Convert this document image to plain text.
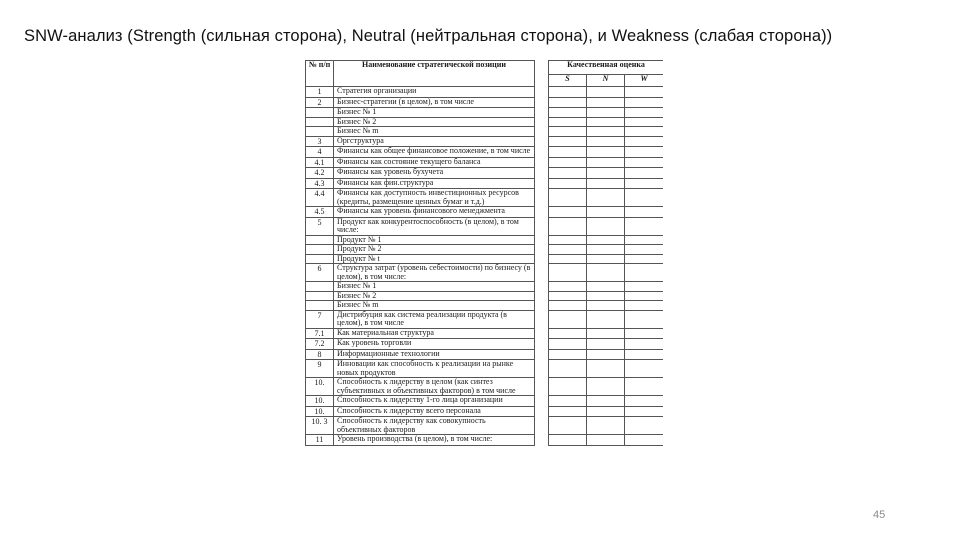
SNW-анализ (Strength (сильная сторона), Neutral (нейтральная сторона), и Weakness (слабая сторона))
№ п/п	Наименование стратегической позиции		Качественная оценка		
			S	N	W
1	Стратегия организации				
2	Бизнес-стратегии (в целом), в том числе				
	Бизнес № 1				
	Бизнес № 2				
	Бизнес № m				
3	Оргструктура				
4	Финансы как общее финансовое положение, в том числе				
4.1	Финансы как состояние текущего баланса				
4.2	Финансы как уровень бухучета				
4.3	Финансы как фин.структура				
4.4	Финансы как доступность инвестиционных ресурсов (кредиты, размещение ценных бумаг и т.д.)				
4.5	Финансы как уровень финансового менеджмента				
5	Продукт как конкурентоспособность (в целом), в том числе:				
	Продукт № 1				
	Продукт № 2				
	Продукт № t				
6	Структура затрат (уровень себестоимости) по бизнесу (в целом), в том числе:				
	Бизнес № 1				
	Бизнес № 2				
	Бизнес № m				
7	Дистрибуция как система реализации продукта (в целом), в том числе				
7.1	Как материальная структура				
7.2	Как уровень торговли				
8	Информационные технологии				
9	Инновации как способность к реализации на рынке новых продуктов				
10.	Способность к лидерству в целом (как синтез субъективных и объективных факторов) в том числе				
10.	Способность к лидерству 1-го лица организации				
10.	Способность к лидерству всего персонала				
10. 3	Способность к лидерству как совокупность объективных факторов				
11	Уровень производства (в целом), в том числе:				
45
